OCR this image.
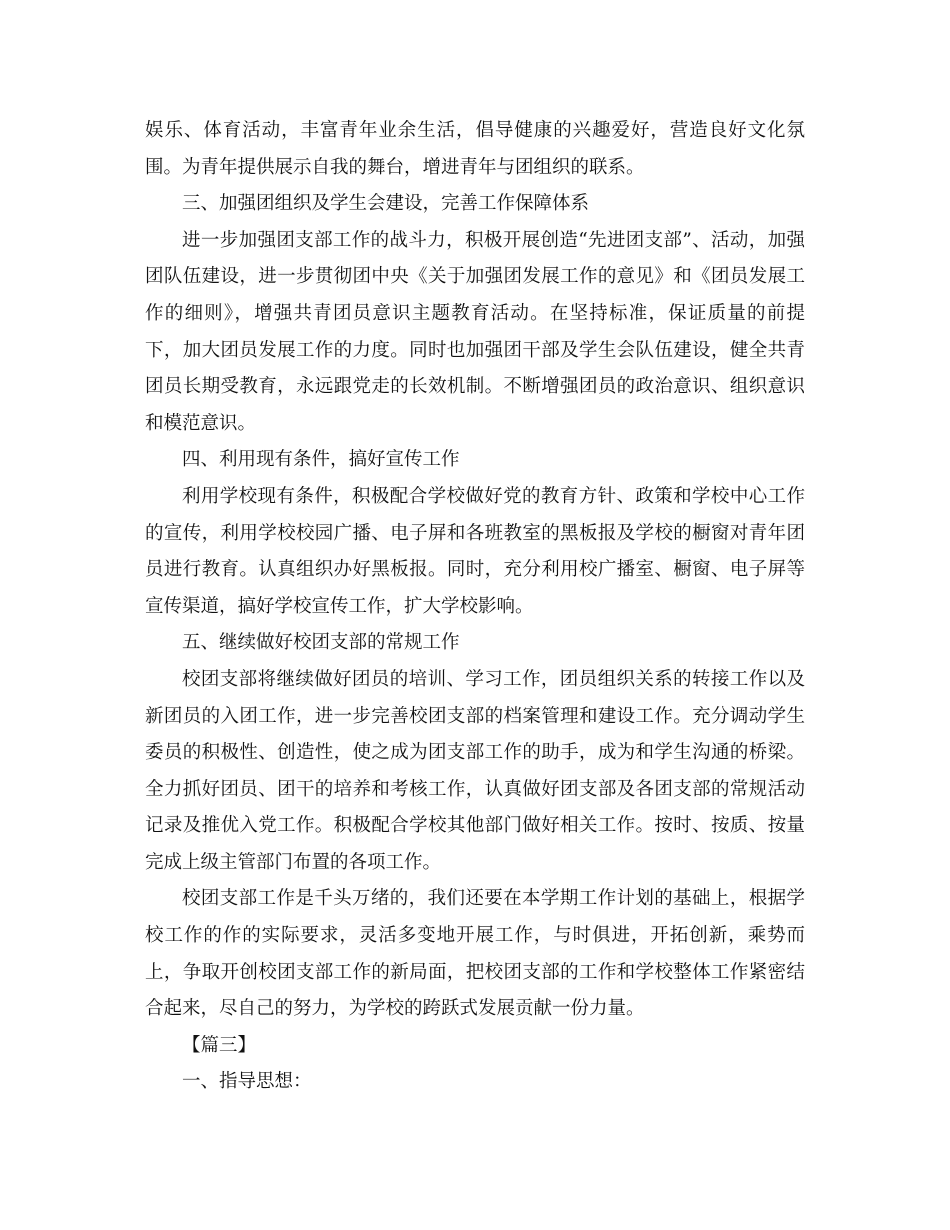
娱乐、体育活动，丰富青年业余生活，倡导健康的兴趣爱好，营造良好文化氛
围。为青年提供展示自我的舞台，增进青年与团组织的联系。
三、加强团组织及学生会建设，完善工作保障体系
进一步加强团支部工作的战斗力，积极开展创造“先进团支部”、活动，加强
团队伍建设，进一步贯彻团中央《关于加强团发展工作的意见》和《团员发展工
作的细则》，增强共青团员意识主题教育活动。在坚持标准，保证质量的前提
下，加大团员发展工作的力度。同时也加强团干部及学生会队伍建设，健全共青
团员长期受教育，永远跟党走的长效机制。不断增强团员的政治意识、组织意识
和模范意识。
四、利用现有条件，搞好宣传工作
利用学校现有条件，积极配合学校做好党的教育方针、政策和学校中心工作
的宣传，利用学校校园广播、电子屏和各班教室的黑板报及学校的橱窗对青年团
员进行教育。认真组织办好黑板报。同时，充分利用校广播室、橱窗、电子屏等
宣传渠道，搞好学校宣传工作，扩大学校影响。
五、继续做好校团支部的常规工作
校团支部将继续做好团员的培训、学习工作，团员组织关系的转接工作以及
新团员的入团工作，进一步完善校团支部的档案管理和建设工作。充分调动学生
委员的积极性、创造性，使之成为团支部工作的助手，成为和学生沟通的桥梁。
全力抓好团员、团干的培养和考核工作，认真做好团支部及各团支部的常规活动
记录及推优入党工作。积极配合学校其他部门做好相关工作。按时、按质、按量
完成上级主管部门布置的各项工作。
校团支部工作是千头万绪的，我们还要在本学期工作计划的基础上，根据学
校工作的作的实际要求，灵活多变地开展工作，与时俱进，开拓创新，乘势而
上，争取开创校团支部工作的新局面，把校团支部的工作和学校整体工作紧密结
合起来，尽自己的努力，为学校的跨跃式发展贡献一份力量。
【篇三】
一、指导思想：
